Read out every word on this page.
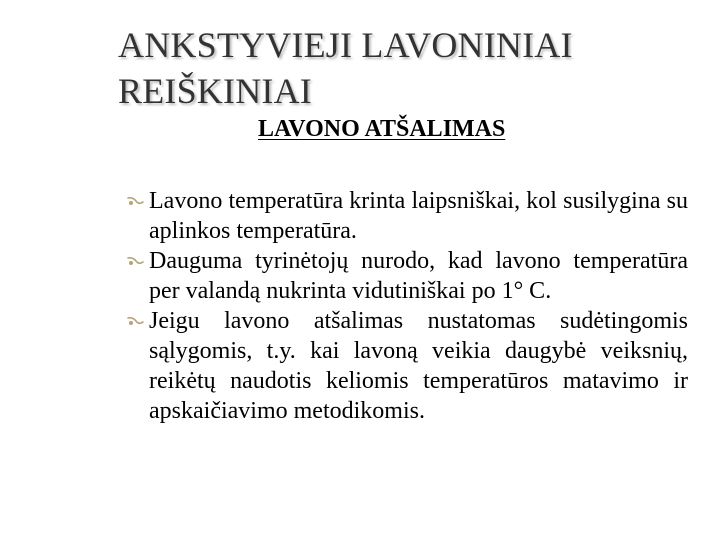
ANKSTYVIEJI LAVONINIAI
REIŠKINIAI
LAVONO ATŠALIMAS
Lavono temperatūra krinta laipsniškai, kol susilygina su aplinkos temperatūra.
Dauguma tyrinėtojų nurodo, kad lavono temperatūra per valandą nukrinta vidutiniškai po 1° C.
Jeigu lavono atšalimas nustatomas sudėtingomis sąlygomis, t.y. kai lavoną veikia daugybė veiksnių, reikėtų naudotis keliomis temperatūros matavimo ir apskaičiavimo metodikomis.
